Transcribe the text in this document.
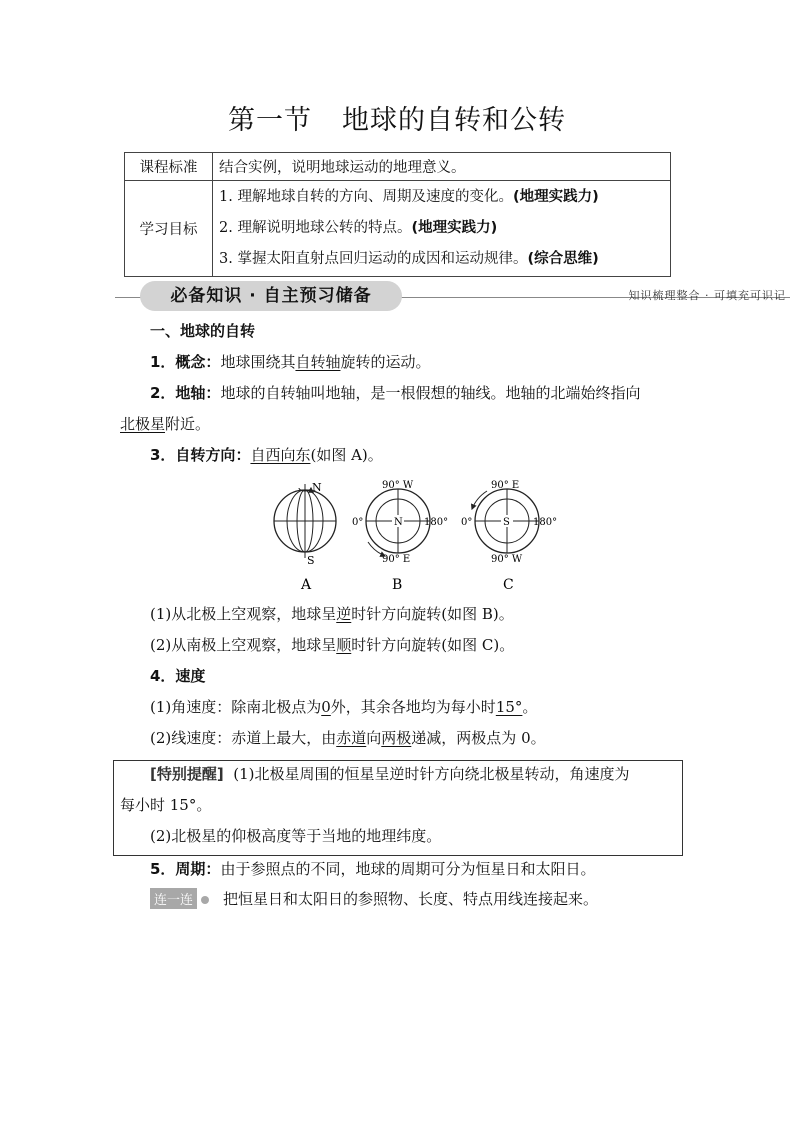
第一节 地球的自转和公转
课程标准	结合实例，说明地球运动的地理意义。
学习目标	1. 理解地球自转的方向、周期及速度的变化。(地理实践力)
2. 理解说明地球公转的特点。(地理实践力)
3. 掌握太阳直射点回归运动的成因和运动规律。(综合思维)
必备知识 · 自主预习储备	知识梳理整合 · 可填充可识记
一、地球的自转
1．概念：地球围绕其自转轴旋转的运动。
2．地轴：地球的自转轴叫地轴，是一根假想的轴线。地轴的北端始终指向
北极星附近。
3．自转方向：自西向东(如图 A)。
N
S
A
N
90° W
90° E
0°	180°
B
S
90° E
90° W
0°	180°
C
(1)从北极上空观察，地球呈逆时针方向旋转(如图 B)。
(2)从南极上空观察，地球呈顺时针方向旋转(如图 C)。
4．速度
(1)角速度：除南北极点为0外，其余各地均为每小时15°。
(2)线速度：赤道上最大，由赤道向两极递减，两极点为 0。
[特别提醒] (1)北极星周围的恒星呈逆时针方向绕北极星转动，角速度为
每小时 15°。
(2)北极星的仰极高度等于当地的地理纬度。
5．周期：由于参照点的不同，地球的周期可分为恒星日和太阳日。
连一连 把恒星日和太阳日的参照物、长度、特点用线连接起来。
